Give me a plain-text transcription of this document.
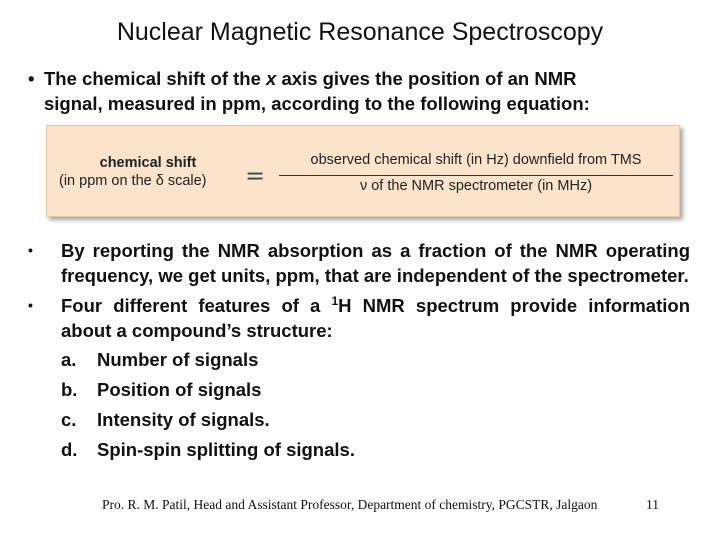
Nuclear Magnetic Resonance Spectroscopy
• The chemical shift of the x axis gives the position of an NMR
signal, measured in ppm, according to the following equation:
chemical shift
(in ppm on the δ scale)	=
observed chemical shift (in Hz) downfield from TMS
ν of the NMR spectrometer (in MHz)
• By reporting the NMR absorption as a fraction of the NMR operating frequency, we get units, ppm, that are independent of the spectrometer.
• Four different features of a $^1$H NMR spectrum provide information about a compound’s structure:
a.	Number of signals
b.	Position of signals
c.	Intensity of signals.
d.	Spin-spin splitting of signals.
Pro. R. M. Patil, Head and Assistant Professor, Department of chemistry, PGCSTR, Jalgaon	11
